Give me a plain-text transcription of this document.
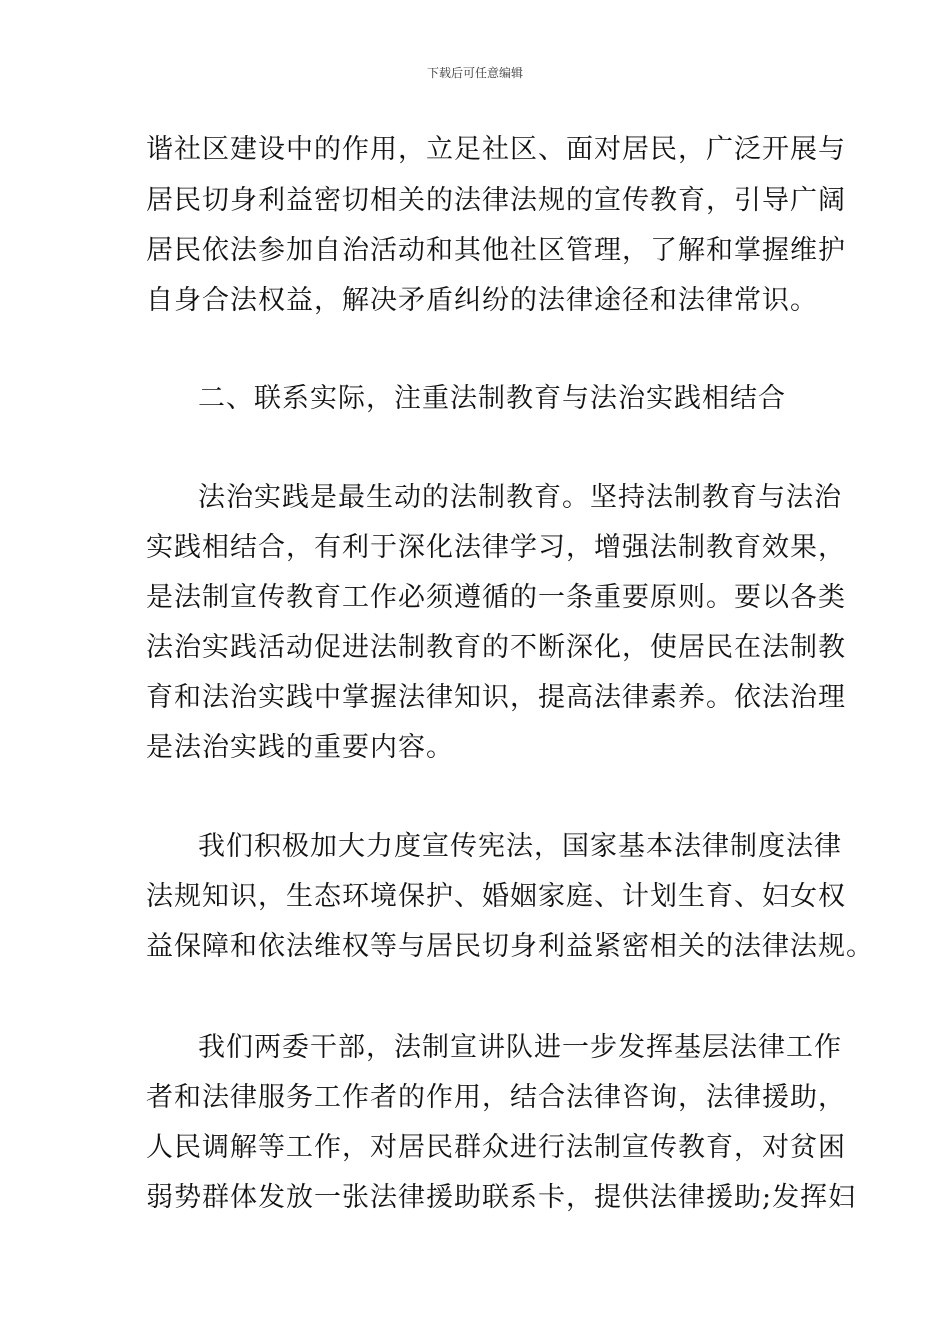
下载后可任意编辑
谐社区建设中的作用，立足社区、面对居民，广泛开展与
居民切身利益密切相关的法律法规的宣传教育，引导广阔
居民依法参加自治活动和其他社区管理，了解和掌握维护
自身合法权益，解决矛盾纠纷的法律途径和法律常识。
二、联系实际，注重法制教育与法治实践相结合
法治实践是最生动的法制教育。坚持法制教育与法治
实践相结合，有利于深化法律学习，增强法制教育效果，
是法制宣传教育工作必须遵循的一条重要原则。要以各类
法治实践活动促进法制教育的不断深化，使居民在法制教
育和法治实践中掌握法律知识，提高法律素养。依法治理
是法治实践的重要内容。
我们积极加大力度宣传宪法，国家基本法律制度法律
法规知识，生态环境保护、婚姻家庭、计划生育、妇女权
益保障和依法维权等与居民切身利益紧密相关的法律法规。
我们两委干部，法制宣讲队进一步发挥基层法律工作
者和法律服务工作者的作用，结合法律咨询，法律援助，
人民调解等工作，对居民群众进行法制宣传教育，对贫困
弱势群体发放一张法律援助联系卡，提供法律援助;发挥妇
